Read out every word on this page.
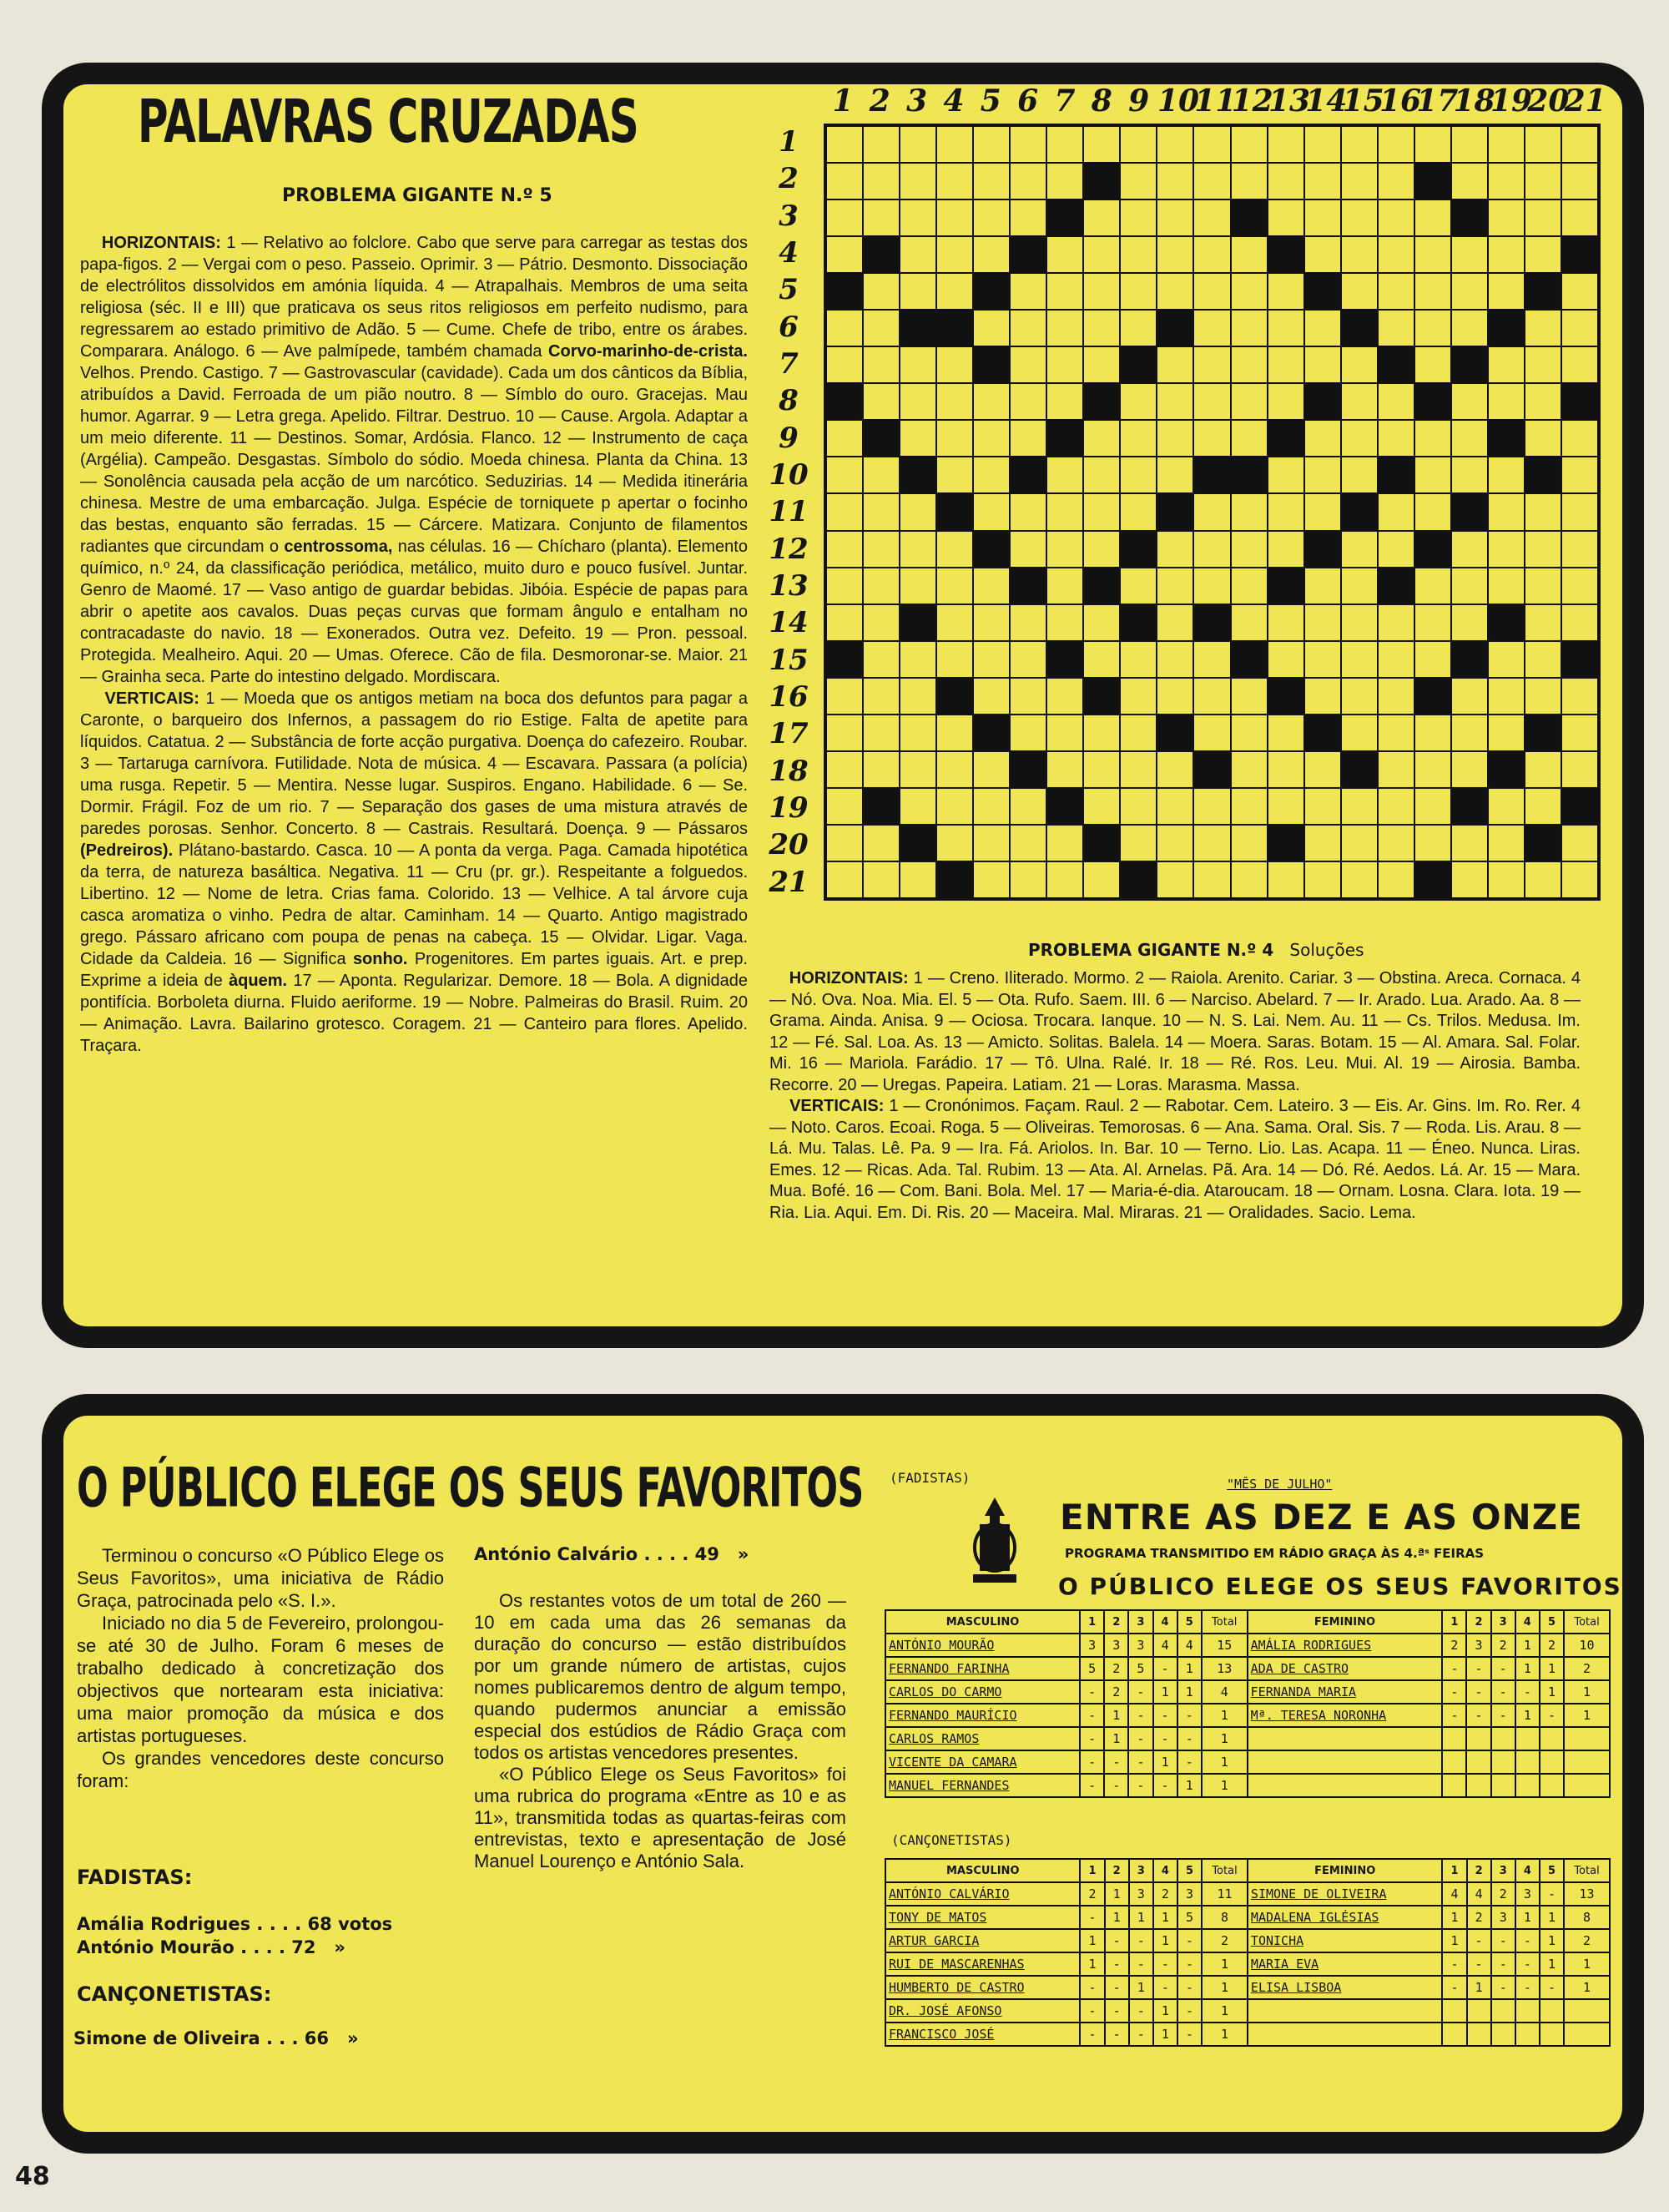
PALAVRAS CRUZADAS
PROBLEMA GIGANTE N.º 5

HORIZONTAIS: 1 — Relativo ao folclore. Cabo que serve para carregar as testas dos papa-figos. 2 — Vergai com o peso. Passeio. Oprimir. 3 — Pátrio. Desmonto. Dissociação de electrólitos dissolvidos em amónia líquida. 4 — Atrapalhais. Membros de uma seita religiosa (séc. II e III) que praticava os seus ritos religiosos em perfeito nudismo, para regressarem ao estado primitivo de Adão. 5 — Cume. Chefe de tribo, entre os árabes. Comparara. Análogo. 6 — Ave palmípede, também chamada Corvo-marinho-de-crista. Velhos. Prendo. Castigo. 7 — Gastrovascular (cavidade). Cada um dos cânticos da Bíblia, atribuídos a David. Ferroada de um pião noutro. 8 — Símblo do ouro. Gracejas. Mau humor. Agarrar. 9 — Letra grega. Apelido. Filtrar. Destruo. 10 — Cause. Argola. Adaptar a um meio diferente. 11 — Destinos. Somar, Ardósia. Flanco. 12 — Instrumento de caça (Argélia). Campeão. Desgastas. Símbolo do sódio. Moeda chinesa. Planta da China. 13 — Sonolência causada pela acção de um narcótico. Seduzirias. 14 — Medida itinerária chinesa. Mestre de uma embarcação. Julga. Espécie de torniquete p apertar o focinho das bestas, enquanto são ferradas. 15 — Cárcere. Matizara. Conjunto de filamentos radiantes que circundam o centrossoma, nas células. 16 — Chícharo (planta). Elemento químico, n.º 24, da classificação periódica, metálico, muito duro e pouco fusível. Juntar. Genro de Maomé. 17 — Vaso antigo de guardar bebidas. Jibóia. Espécie de papas para abrir o apetite aos cavalos. Duas peças curvas que formam ângulo e entalham no contracadaste do navio. 18 — Exonerados. Outra vez. Defeito. 19 — Pron. pessoal. Protegida. Mealheiro. Aqui. 20 — Umas. Oferece. Cão de fila. Desmoronar-se. Maior. 21 — Grainha seca. Parte do intestino delgado. Mordiscara.

VERTICAIS: 1 — Moeda que os antigos metiam na boca dos defuntos para pagar a Caronte, o barqueiro dos Infernos, a passagem do rio Estige. Falta de apetite para líquidos. Catatua. 2 — Substância de forte acção purgativa. Doença do cafezeiro. Roubar. 3 — Tartaruga carnívora. Futilidade. Nota de música. 4 — Escavara. Passara (a polícia) uma rusga. Repetir. 5 — Mentira. Nesse lugar. Suspiros. Engano. Habilidade. 6 — Se. Dormir. Frágil. Foz de um rio. 7 — Separação dos gases de uma mistura através de paredes porosas. Senhor. Concerto. 8 — Castrais. Resultará. Doença. 9 — Pássaros (Pedreiros). Plátano-bastardo. Casca. 10 — A ponta da verga. Paga. Camada hipotética da terra, de natureza basáltica. Negativa. 11 — Cru (pr. gr.). Respeitante a folguedos. Libertino. 12 — Nome de letra. Crias fama. Colorido. 13 — Velhice. A tal árvore cuja casca aromatiza o vinho. Pedra de altar. Caminham. 14 — Quarto. Antigo magistrado grego. Pássaro africano com poupa de penas na cabeça. 15 — Olvidar. Ligar. Vaga. Cidade da Caldeia. 16 — Significa sonho. Progenitores. Em partes iguais. Art. e prep. Exprime a ideia de àquem. 17 — Aponta. Regularizar. Demore. 18 — Bola. A dignidade pontifícia. Borboleta diurna. Fluido aeriforme. 19 — Nobre. Palmeiras do Brasil. Ruim. 20 — Animação. Lavra. Bailarino grotesco. Coragem. 21 — Canteiro para flores. Apelido. Traçara.

1 2 3 4 5 6 7 8 9 10
11
12
13
14
15
16
17
18
19
20
21
1
2
3
4
5
6
7
8
9
10
11
12
13
14
15
16
17
18
19
20
21
PROBLEMA GIGANTE N.º 4 Soluções

HORIZONTAIS: 1 — Creno. Iliterado. Mormo. 2 — Raiola. Arenito. Cariar. 3 — Obstina. Areca. Cornaca. 4 — Nó. Ova. Noa. Mia. El. 5 — Ota. Rufo. Saem. III. 6 — Narciso. Abelard. 7 — Ir. Arado. Lua. Arado. Aa. 8 — Grama. Ainda. Anisa. 9 — Ociosa. Trocara. Ianque. 10 — N. S. Lai. Nem. Au. 11 — Cs. Trilos. Medusa. Im. 12 — Fé. Sal. Loa. As. 13 — Amicto. Solitas. Balela. 14 — Moera. Saras. Botam. 15 — Al. Amara. Sal. Folar. Mi. 16 — Mariola. Farádio. 17 — Tô. Ulna. Ralé. Ir. 18 — Ré. Ros. Leu. Mui. Al. 19 — Airosia. Bamba. Recorre. 20 — Uregas. Papeira. Latiam. 21 — Loras. Marasma. Massa.

VERTICAIS: 1 — Cronónimos. Façam. Raul. 2 — Rabotar. Cem. Lateiro. 3 — Eis. Ar. Gins. Im. Ro. Rer. 4 — Noto. Caros. Ecoai. Roga. 5 — Oliveiras. Temorosas. 6 — Ana. Sama. Oral. Sis. 7 — Roda. Lis. Arau. 8 — Lá. Mu. Talas. Lê. Pa. 9 — Ira. Fá. Ariolos. In. Bar. 10 — Terno. Lio. Las. Acapa. 11 — Éneo. Nunca. Liras. Emes. 12 — Ricas. Ada. Tal. Rubim. 13 — Ata. Al. Arnelas. Pã. Ara. 14 — Dó. Ré. Aedos. Lá. Ar. 15 — Mara. Mua. Bofé. 16 — Com. Bani. Bola. Mel. 17 — Maria-é-dia. Ataroucam. 18 — Ornam. Losna. Clara. Iota. 19 — Ria. Lia. Aqui. Em. Di. Ris. 20 — Maceira. Mal. Miraras. 21 — Oralidades. Sacio. Lema.

O PÚBLICO ELEGE OS SEUS FAVORITOS

Terminou o concurso «O Público Elege os Seus Favoritos», uma iniciativa de Rádio Graça, patrocinada pelo «S. I.».

Iniciado no dia 5 de Fevereiro, prolongou-se até 30 de Julho. Foram 6 meses de trabalho dedicado à concretização dos objectivos que nortearam esta iniciativa: uma maior promoção da música e dos artistas portugueses.

Os grandes vencedores deste concurso foram:

FADISTAS:
Amália Rodrigues . . . . 68 votos
António Mourão . . . . 72   »
CANÇONETISTAS:
Simone de Oliveira . . . 66   »
António Calvário . . . . 49   »

Os restantes votos de um total de 260 — 10 em cada uma das 26 semanas da duração do concurso — estão distribuídos por um grande número de artistas, cujos nomes publicaremos dentro de algum tempo, quando pudermos anunciar a emissão especial dos estúdios de Rádio Graça com todos os artistas vencedores presentes.

«O Público Elege os Seus Favoritos» foi uma rubrica do programa «Entre as 10 e as 11», transmitida todas as quartas-feiras com entrevistas, texto e apresentação de José Manuel Lourenço e António Sala.

(FADISTAS)	"MÊS DE JULHO"
ENTRE AS DEZ E AS ONZE
PROGRAMA TRANSMITIDO EM RÁDIO GRAÇA ÀS 4.ªˢ FEIRAS
O PÚBLICO ELEGE OS SEUS FAVORITOS
MASCULINO	1	2	3	4	5	Total	FEMININO	1	2	3	4	5	Total
ANTÓNIO MOURÃO	3	3	3	4	4	15	AMÁLIA RODRIGUES	2	3	2	1	2	10
FERNANDO FARINHA	5	2	5	-	1	13	ADA DE CASTRO	-	-	-	1	1	2
CARLOS DO CARMO	-	2	-	1	1	4	FERNANDA MARIA	-	-	-	-	1	1
FERNANDO MAURÍCIO	-	1	-	-	-	1	Mª. TERESA NORONHA	-	-	-	1	-	1
CARLOS RAMOS	-	1	-	-	-	1							
VICENTE DA CAMARA	-	-	-	1	-	1							
MANUEL FERNANDES	-	-	-	-	1	1							
(CANÇONETISTAS)
MASCULINO	1	2	3	4	5	Total	FEMININO	1	2	3	4	5	Total
ANTÓNIO CALVÁRIO	2	1	3	2	3	11	SIMONE DE OLIVEIRA	4	4	2	3	-	13
TONY DE MATOS	-	1	1	1	5	8	MADALENA IGLÉSIAS	1	2	3	1	1	8
ARTUR GARCIA	1	-	-	1	-	2	TONICHA	1	-	-	-	1	2
RUI DE MASCARENHAS	1	-	-	-	-	1	MARIA EVA	-	-	-	-	1	1
HUMBERTO DE CASTRO	-	-	1	-	-	1	ELISA LISBOA	-	1	-	-	-	1
DR. JOSÉ AFONSO	-	-	-	1	-	1							
FRANCISCO JOSÉ	-	-	-	1	-	1							
48
